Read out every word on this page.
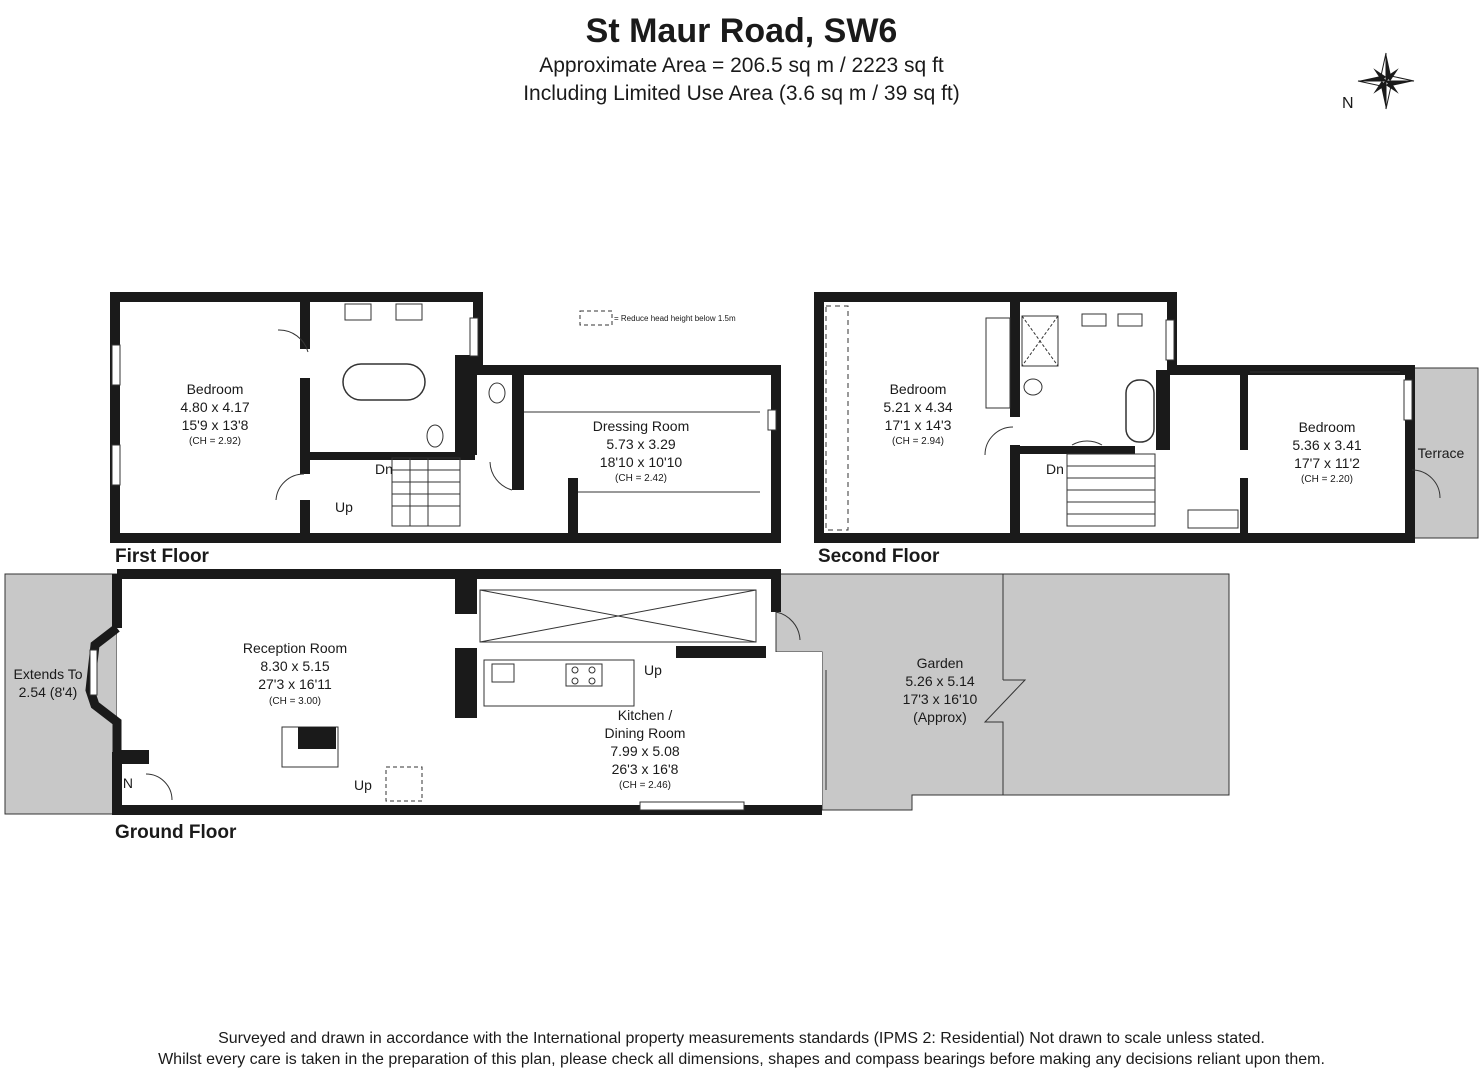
St Maur Road, SW6

Approximate Area = 206.5 sq m / 2223 sq ft

Including Limited Use Area (3.6 sq m / 39 sq ft)	N
= Reduce head height below 1.5m
First Floor	Second Floor
Ground Floor
Bedroom
4.80 x 4.17
15'9 x 13'8
(CH = 2.92)
Dressing Room
5.73 x 3.29
18'10 x 10'10
(CH = 2.42)
Bedroom
5.21 x 4.34
17'1 x 14'3
(CH = 2.94)
Bedroom
5.36 x 3.41
17'7 x 11'2
(CH = 2.20)
Terrace
Reception Room
8.30 x 5.15
27'3 x 16'11
(CH = 3.00)
Kitchen /
Dining Room
7.99 x 5.08
26'3 x 16'8
(CH = 2.46)
Garden
5.26 x 5.14
17'3 x 16'10
(Approx)
Extends To
2.54 (8'4)
Dn
Up
Dn
Up
Up
IN
Surveyed and drawn in accordance with the International property measurements standards (IPMS 2: Residential) Not drawn to scale unless stated.
Whilst every care is taken in the preparation of this plan, please check all dimensions, shapes and compass bearings before making any decisions reliant upon them.
